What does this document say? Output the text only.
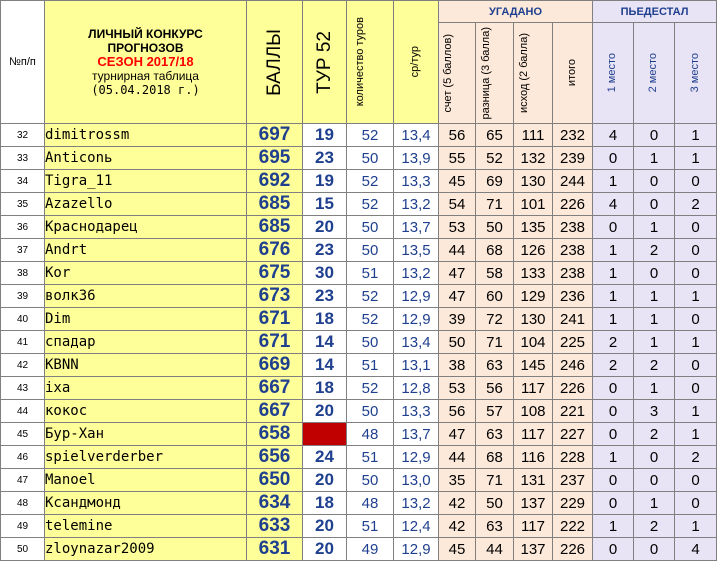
№п/п	ЛИЧНЫЙ КОНКУРС
ПРОГНОЗОВ
СЕЗОН 2017/18
турнирная таблица
(05.04.2018 г.)	БАЛЛЫ	ТУР 52	количество туров	ср/тур	УГАДАНО				ПЬЕДЕСТАЛ		

						счет (5 баллов)	разница (3 балла)	исход (2 балла)	итого	1 место	2 место	3 место

32	dimitrossm	697	19	52	13,4	56	65	111	232	4	0	1
33	Anticonь	695	23	50	13,9	55	52	132	239	0	1	1
34	Tigra_11	692	19	52	13,3	45	69	130	244	1	0	0
35	Azazello	685	15	52	13,2	54	71	101	226	4	0	2
36	Краснодарец	685	20	50	13,7	53	50	135	238	0	1	0
37	Andrt	676	23	50	13,5	44	68	126	238	1	2	0
38	Kor	675	30	51	13,2	47	58	133	238	1	0	0
39	волк36	673	23	52	12,9	47	60	129	236	1	1	1
40	Dim	671	18	52	12,9	39	72	130	241	1	1	0
41	спадар	671	14	50	13,4	50	71	104	225	2	1	1
42	KBNN	669	14	51	13,1	38	63	145	246	2	2	0
43	ixa	667	18	52	12,8	53	56	117	226	0	1	0
44	кокос	667	20	50	13,3	56	57	108	221	0	3	1
45	Бур-Хан	658		48	13,7	47	63	117	227	0	2	1
46	spielverderber	656	24	51	12,9	44	68	116	228	1	0	2
47	Manoel	650	20	50	13,0	35	71	131	237	0	0	0
48	Ксандмонд	634	18	48	13,2	42	50	137	229	0	1	0
49	telemine	633	20	51	12,4	42	63	117	222	1	2	1
50	zloynazar2009	631	20	49	12,9	45	44	137	226	0	0	4
